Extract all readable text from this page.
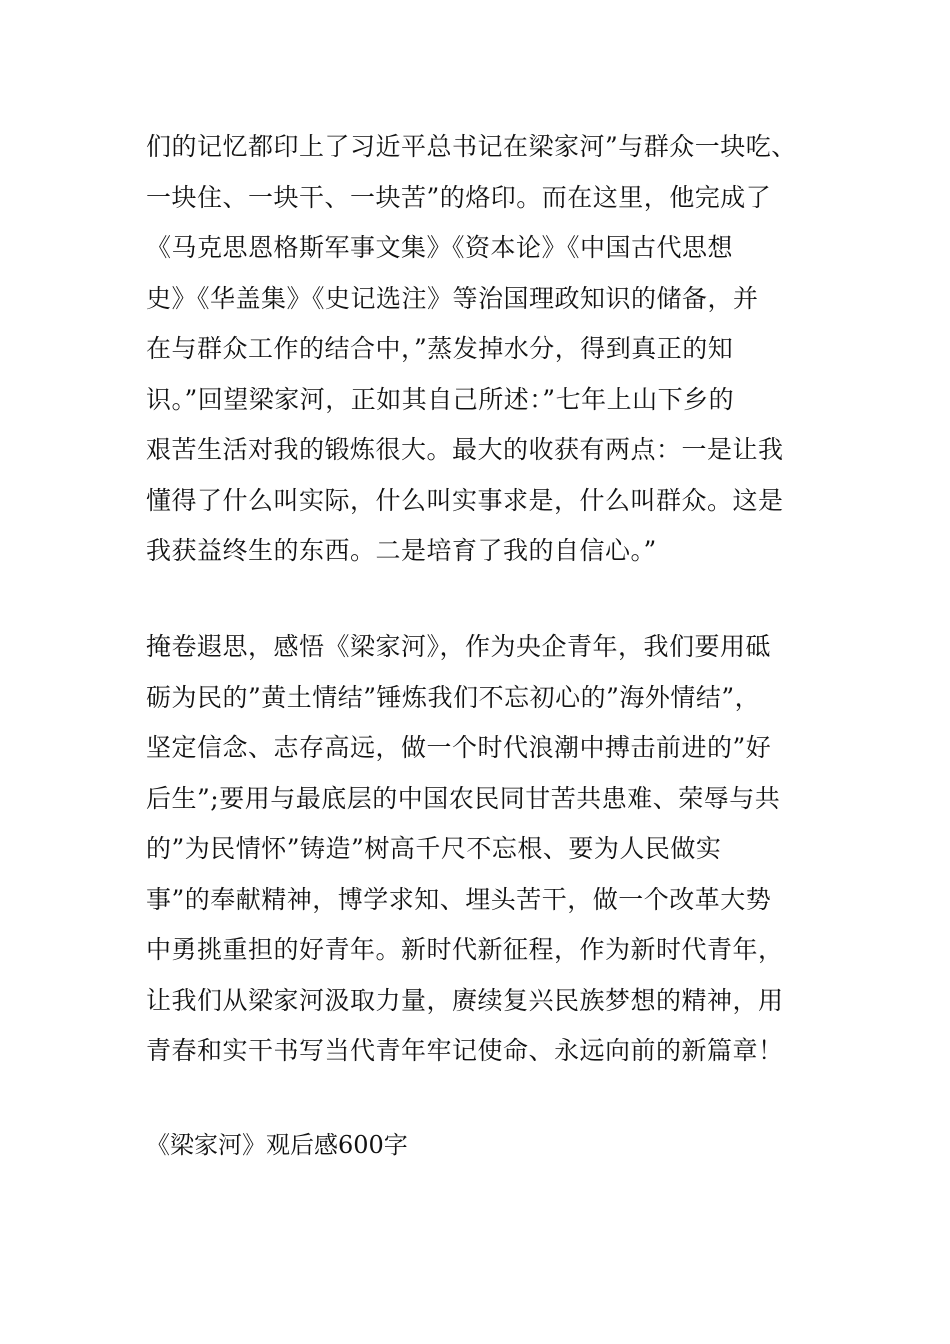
们的记忆都印上了习近平总书记在梁家河”与群众一块吃、
一块住、一块干、一块苦”的烙印。而在这里，他完成了
《马克思恩格斯军事文集》《资本论》《中国古代思想
史》《华盖集》《史记选注》等治国理政知识的储备，并
在与群众工作的结合中，”蒸发掉水分，得到真正的知
识。”回望梁家河，正如其自己所述：”七年上山下乡的
艰苦生活对我的锻炼很大。最大的收获有两点：一是让我
懂得了什么叫实际，什么叫实事求是，什么叫群众。这是
我获益终生的东西。二是培育了我的自信心。”
掩卷遐思，感悟《梁家河》，作为央企青年，我们要用砥
砺为民的”黄土情结”锤炼我们不忘初心的”海外情结”，
坚定信念、志存高远，做一个时代浪潮中搏击前进的”好
后生”;要用与最底层的中国农民同甘苦共患难、荣辱与共
的”为民情怀”铸造”树高千尺不忘根、要为人民做实
事”的奉献精神，博学求知、埋头苦干，做一个改革大势
中勇挑重担的好青年。新时代新征程，作为新时代青年，
让我们从梁家河汲取力量，赓续复兴民族梦想的精神，用
青春和实干书写当代青年牢记使命、永远向前的新篇章！
《梁家河》观后感600字
